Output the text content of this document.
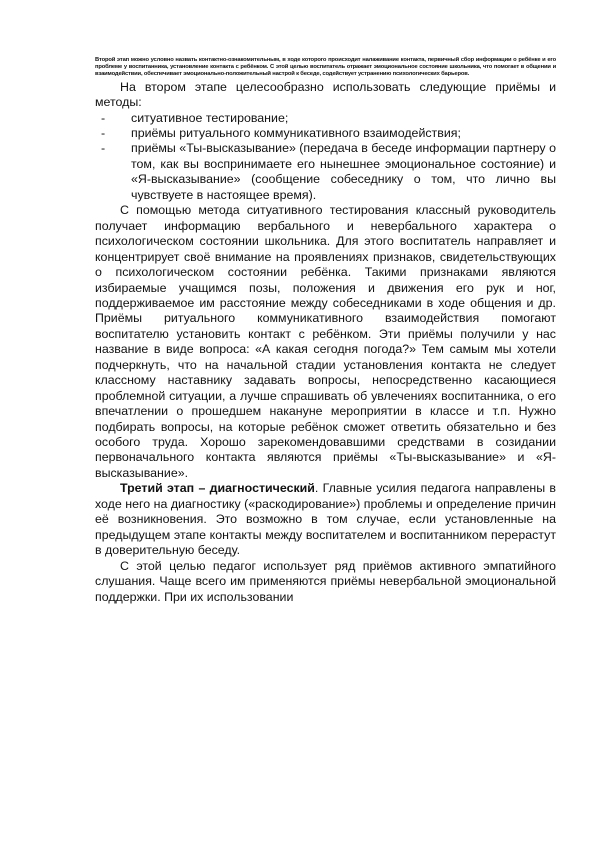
Второй этап можно условно назвать контактно-ознакомительным, в ходе которого происходит налаживание контакта, первичный сбор информации о ребёнке и его проблеме у воспитанника, установление контакта с ребёнком. С этой целью воспитатель отражает эмоциональное состояние школьника, что помогает в общении и взаимодействии, обеспечивает эмоционально-положительный настрой к беседе, содействует устранению психологических барьеров.

На втором этапе целесообразно использовать следующие приёмы и методы:

- ситуативное тестирование;
- приёмы ритуального коммуникативного взаимодействия;
- приёмы «Ты-высказывание» (передача в беседе информации партнеру о том, как вы воспринимаете его нынешнее эмоциональное состояние) и «Я-высказывание» (сообщение собеседнику о том, что лично вы чувствуете в настоящее время).

С помощью метода ситуативного тестирования классный руководитель получает информацию вербального и невербального характера о психологическом состоянии школьника. Для этого воспитатель направляет и концентрирует своё внимание на проявлениях признаков, свидетельствующих о психологическом состоянии ребёнка. Такими признаками являются избираемые учащимся позы, положения и движения его рук и ног, поддерживаемое им расстояние между собеседниками в ходе общения и др. Приёмы ритуального коммуникативного взаимодействия помогают воспитателю установить контакт с ребёнком. Эти приёмы получили у нас название в виде вопроса: «А какая сегодня погода?» Тем самым мы хотели подчеркнуть, что на начальной стадии установления контакта не следует классному наставнику задавать вопросы, непосредственно касающиеся проблемной ситуации, а лучше спрашивать об увлечениях воспитанника, о его впечатлении о прошедшем накануне мероприятии в классе и т.п. Нужно подбирать вопросы, на которые ребёнок сможет ответить обязательно и без особого труда. Хорошо зарекомендовавшими средствами в созидании первоначального контакта являются приёмы «Ты-высказывание» и «Я-высказывание».

Третий этап – диагностический. Главные усилия педагога направлены в ходе него на диагностику («раскодирование») проблемы и определение причин её возникновения. Это возможно в том случае, если установленные на предыдущем этапе контакты между воспитателем и воспитанником перерастут в доверительную беседу.

С этой целью педагог использует ряд приёмов активного эмпатийного слушания. Чаще всего им применяются приёмы невербальной эмоциональной поддержки. При их использовании
